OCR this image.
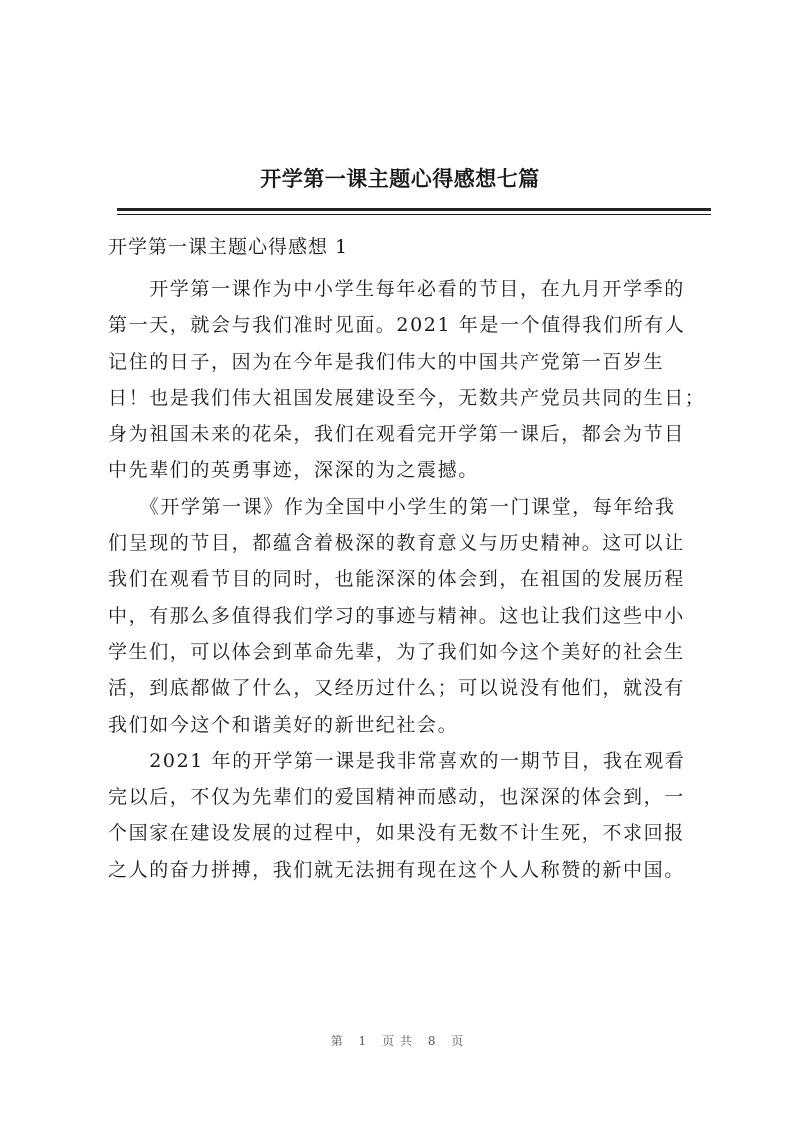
开学第一课主题心得感想七篇
开学第一课主题心得感想 1
　　开学第一课作为中小学生每年必看的节目，在九月开学季的
第一天，就会与我们准时见面。2021 年是一个值得我们所有人
记住的日子，因为在今年是我们伟大的中国共产党第一百岁生
日！也是我们伟大祖国发展建设至今，无数共产党员共同的生日；
身为祖国未来的花朵，我们在观看完开学第一课后，都会为节目
中先辈们的英勇事迹，深深的为之震撼。
　　《开学第一课》作为全国中小学生的第一门课堂，每年给我
们呈现的节目，都蕴含着极深的教育意义与历史精神。这可以让
我们在观看节目的同时，也能深深的体会到，在祖国的发展历程
中，有那么多值得我们学习的事迹与精神。这也让我们这些中小
学生们，可以体会到革命先辈，为了我们如今这个美好的社会生
活，到底都做了什么，又经历过什么；可以说没有他们，就没有
我们如今这个和谐美好的新世纪社会。
　　2021 年的开学第一课是我非常喜欢的一期节目，我在观看
完以后，不仅为先辈们的爱国精神而感动，也深深的体会到，一
个国家在建设发展的过程中，如果没有无数不计生死，不求回报
之人的奋力拼搏，我们就无法拥有现在这个人人称赞的新中国。
第 1 页共 8 页
